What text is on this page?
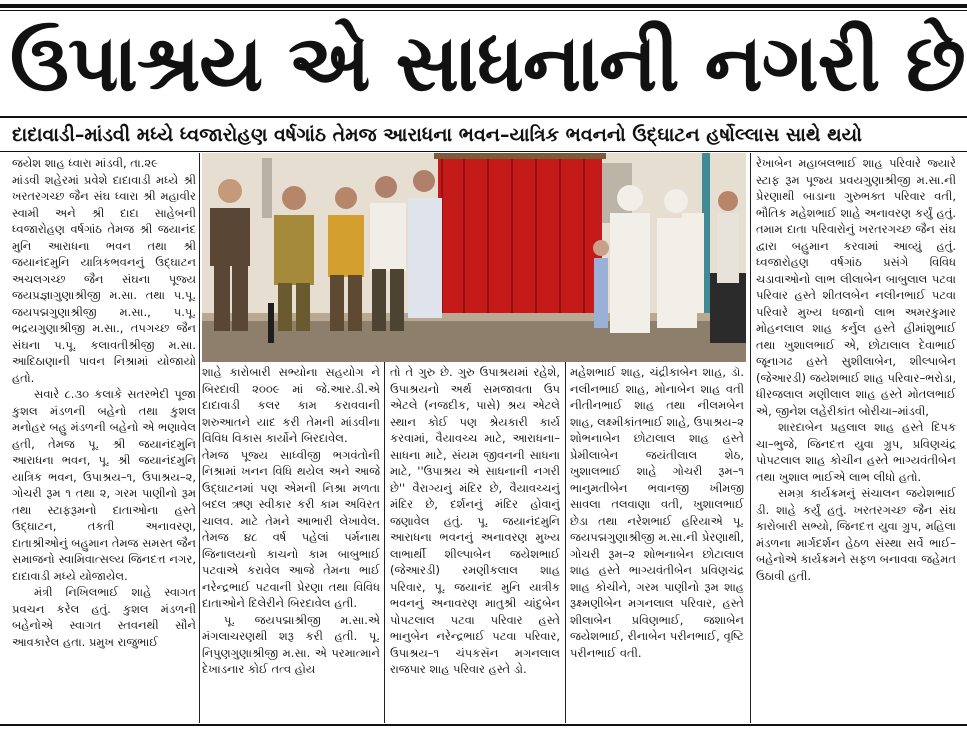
ઉપાશ્રય એ સાધનાની નગરી છે
દાદાવાડી–માંડવી મધ્યે ધ્વજારોહણ વર્ષગાંઠ તેમજ આરાધના ભવન–યાત્રિક ભવનનો ઉદ્ઘાટન હર્ષોલ્લાસ સાથે થયો

જયેશ શાહ ધ્વારા માંડવી, તા.૨૯

માંડવી શહેરમાં પ્રવેશે દાદાવાડી મધ્યે શ્રી ખરતરગચ્છ જૈન સંઘ ધ્વારા શ્રી મહાવીર સ્વામી અને શ્રી દાદા સાહેબની ધ્વજારોહણ વર્ષગાંઠ તેમજ શ્રી જયાનંદ મુનિ આરાધના ભવન તથા શ્રી જયાનંદમુનિ યાત્રિકભવનનું ઉદ્ઘાટન અચલગચ્છ જૈન સંઘના પૂજ્ય જયપ્રજ્ઞાગુણાશ્રીજી મ.સા. તથા પ.પૂ. જયપદ્મગુણાશ્રીજી મ.સા., પ.પૂ. ભદ્રયગુણાશ્રીજી મ.સા., તપગચ્છ જૈન સંઘના પ.પૂ. કલાવતીશ્રીજી મ.સા. આદિઠાણાની પાવન નિશ્રામાં યોજાયો હતો.

સવારે ૮.૩૦ કલાકે સતરભેદી પૂજા કુશલ મંડળની બહેનો તથા કુશલ મનોહર બહુ મંડળની બહેનો એ ભણાવેલ હતી, તેમજ પૂ. શ્રી જયાનંદમુનિ આરાધના ભવન, પૂ. શ્રી જયાનંદમુનિ યાત્રિક ભવન, ઉપાશ્રય–૧, ઉપાશ્રય–૨, ગોચરી રૂમ ૧ તથા ૨, ગરમ પાણીનો રૂમ તથા સ્ટાફરૂમનો દાતાઓના હસ્તે ઉદ્ઘાટન, તકતી અનાવરણ, દાતાશ્રીઓનું બહુમાન તેમજ સમસ્ત જૈન સમાજનો સ્વામિવાત્સલ્ય જિનદત્ત નગર, દાદાવાડી મધ્યે યોજાયેલ.

મંત્રી નિખિલભાઈ શાહે સ્વાગત પ્રવચન કરેલ હતું. કુશલ મંડળની બહેનોએ સ્વાગત સ્તવનથી સૌને આવકારેલ હતા. પ્રમુખ રાજુભાઈ

શાહે કારોબારી સભ્યોના સહયોગ ને બિરદાવી ૨૦૦૯ માં જે.આર.ડી.એ દાદાવાડી કલર કામ કરાવવાની શરુઆતને યાદ કરી તેમની માંડવીના વિવિધ વિકાસ કાર્યોને બિરદાવેલ.

તેમજ પૂજ્ય સાધ્વીજી ભગવંતોની નિશ્રામાં ખનન વિધિ થયેલ અને આજે ઉદ્ઘાટનમાં પણ એમની નિશ્રા મળતા બદલ ઋણ સ્વીકાર કરી કામ અવિરત ચાલવ. માટે તેમને આભારી લેખાવેલ. તેમજ ૪૮ વર્ષ પહેલાં પર્મનાથ જિનાલયનો કાચનો કામ બાબુભાઈ પટવાએ કરાવેલ આજે તેમના ભાઈ નરેન્દ્રભાઈ પટવાની પ્રેરણા તથા વિવિધ દાતાઓને દિલેરીને બિરદાવેલ હતી.

પૂ. જયપદ્માશ્રીજી મ.સા.એ મંગલાચરણથી શરૂ કરી હતી. પૂ. નિપુણગુણાશ્રીજી મ.સા. એ પરમાત્માને દેખાડનાર કોઈ તત્વ હોય

તો તે ગુરુ છે. ગુરુ ઉપાશ્રયમાં રહેશે, ઉપાશ્રયનો અર્થ સમજાવતા ઉપ એટલે (નજદીક, પાસે) શ્રય એટલે સ્થાન કોઈ પણ શ્રેયકારી કાર્ય કરવામાં, વૈયાવચ્ચ માટે, આરાધના–સાધના માટે, સંયમ જીવનની સાધના માટે, ''ઉપાશ્રય એ સાધનાની નગરી છે'' વૈરાગ્યનું મંદિર છે, વૈયાવચ્ચનું મંદિર છે, દર્શનનું મંદિર હોવાનું જણાવેલ હતું. પૂ. જયાનંદમુનિ આરાધના ભવનનું અનાવરણ મુખ્ય લાભાર્થી શીલ્પાબેન જયેશભાઈ (જેઆરડી) રમણીકલાલ શાહ પરિવાર, પૂ. જયાનંદ મુનિ યાત્રીક ભવનનું અનાવરણ માતુશ્રી ચાંદુબેન પોપટલાલ પટવા પરિવાર હસ્તે ભાનુબેન નરેન્દ્રભાઈ પટવા પરિવાર, ઉપાશ્રય–૧ ચંપકસૅન મગનલાલ રાજપાર શાહ પરિવાર હસ્તે ડો.

મહેશભાઈ શાહ, ચંદ્રીકાબેન શાહ, ડૉ. નલીનભાઈ શાહ, મોનાબેન શાહ વતી નીતીનભાઈ શાહ તથા નીલમબેન શાહ, લક્ષ્મીકાંતભાઈ શાહે, ઉપાશ્રય–૨ શોભનાબેન છોટાલાલ શાહ હસ્તે પ્રેમીલાબેન જયંતીલાલ શેઠ, ખુશાલભાઈ શાહે ગોચરી રૂમ–૧ ભાનુમતીબેન ભવાનજી ખીમજી સાવલા તલવાણા વતી, ખુશાલભાઈ છેડા તથા નરેશભાઈ હરિયાએ પૂ. જયપદ્મગુણાશ્રીજી મ.સા.ની પ્રેરણાથી, ગોચરી રૂમ–૨ શોભનાબેન છોટાલાલ શાહ હસ્તે ભાગ્યવંતીબેન પ્રવિણચંદ્ર શાહ કોચીને, ગરમ પાણીનો રૂમ શાહ રૂક્ષ્મણીબેન મગનલાલ પરિવાર, હસ્તે શીલાબેન પ્રવિણભાઈ, જશાબેન જયેશભાઈ, રીનાબેન પરીનભાઈ, વૃષ્ટિ પરીનભાઈ વતી.

રેખાબેન મહાબલભાઈ શાહ પરિવારે જ્યારે સ્ટાફ રૂમ પૂજ્ય પ્રવયગુણાશ્રીજી મ.સા.ની પ્રેરણાથી બાડાના ગુરુભક્ત પરિવાર વતી, ભૌતિક મહેશભાઈ શાહે અનાવરણ કર્યું હતું. તમામ દાતા પરિવારોનું ખરતરગચ્છ જૈન સંઘ દ્વારા બહુમાન કરવામાં આવ્યું હતું. ધ્વજારોહણ વર્ષગાંઠ પ્રસંગે વિવિધ ચડાવાઓનો લાભ લીલાબેન બાબુલાલ પટવા પરિવાર હસ્તે શીતલબેન નલીનભાઈ પટવા પરિવારે મુખ્ય ધજાનો લાભ અમરકુમાર મોહનલાલ શાહ કર્નુલ હસ્તે હીમાંશુભાઈ તથા ખુશાલભાઈ એ, છોટાલાલ દેવાભાઈ જૂનાગઢ હસ્તે સુશીલાબેન, શીલ્પાબેન (જેઆરડી) જયેશભાઈ શાહ પરિવાર–ભરોડા, ધીરજલાલ મણીલાલ શાહ હસ્તે મોતલભાઈ એ, જીનેશ લહેરીકાંત બોરીચા–માંડવી,

શારદાબેન પ્રહલાલ શાહ હસ્તે દિપક ચા–ભુજે, જિનદત્ત યુવા ગ્રુપ, પ્રવિણચંદ્ર પોપટલાલ શાહ કોચીન હસ્તે ભાગ્યવંતીબેન તથા ખુશાલ ભાઈએ લાભ લીધો હતો.

સમગ્ર કાર્યક્રમનું સંચાલન જયેશભાઈ ડી. શાહે કર્યું હતું. ખરતરગચ્છ જૈન સંઘ કારોબારી સભ્યો, જિનદત્ત યુવા ગ્રુપ, મહિલા મંડળના માર્ગદર્શન હેઠળ સંસ્થા સર્વે ભાઈ–બહેનોએ કાર્યક્રમને સફળ બનાવવા જહેમત ઉઠાવી હતી.
